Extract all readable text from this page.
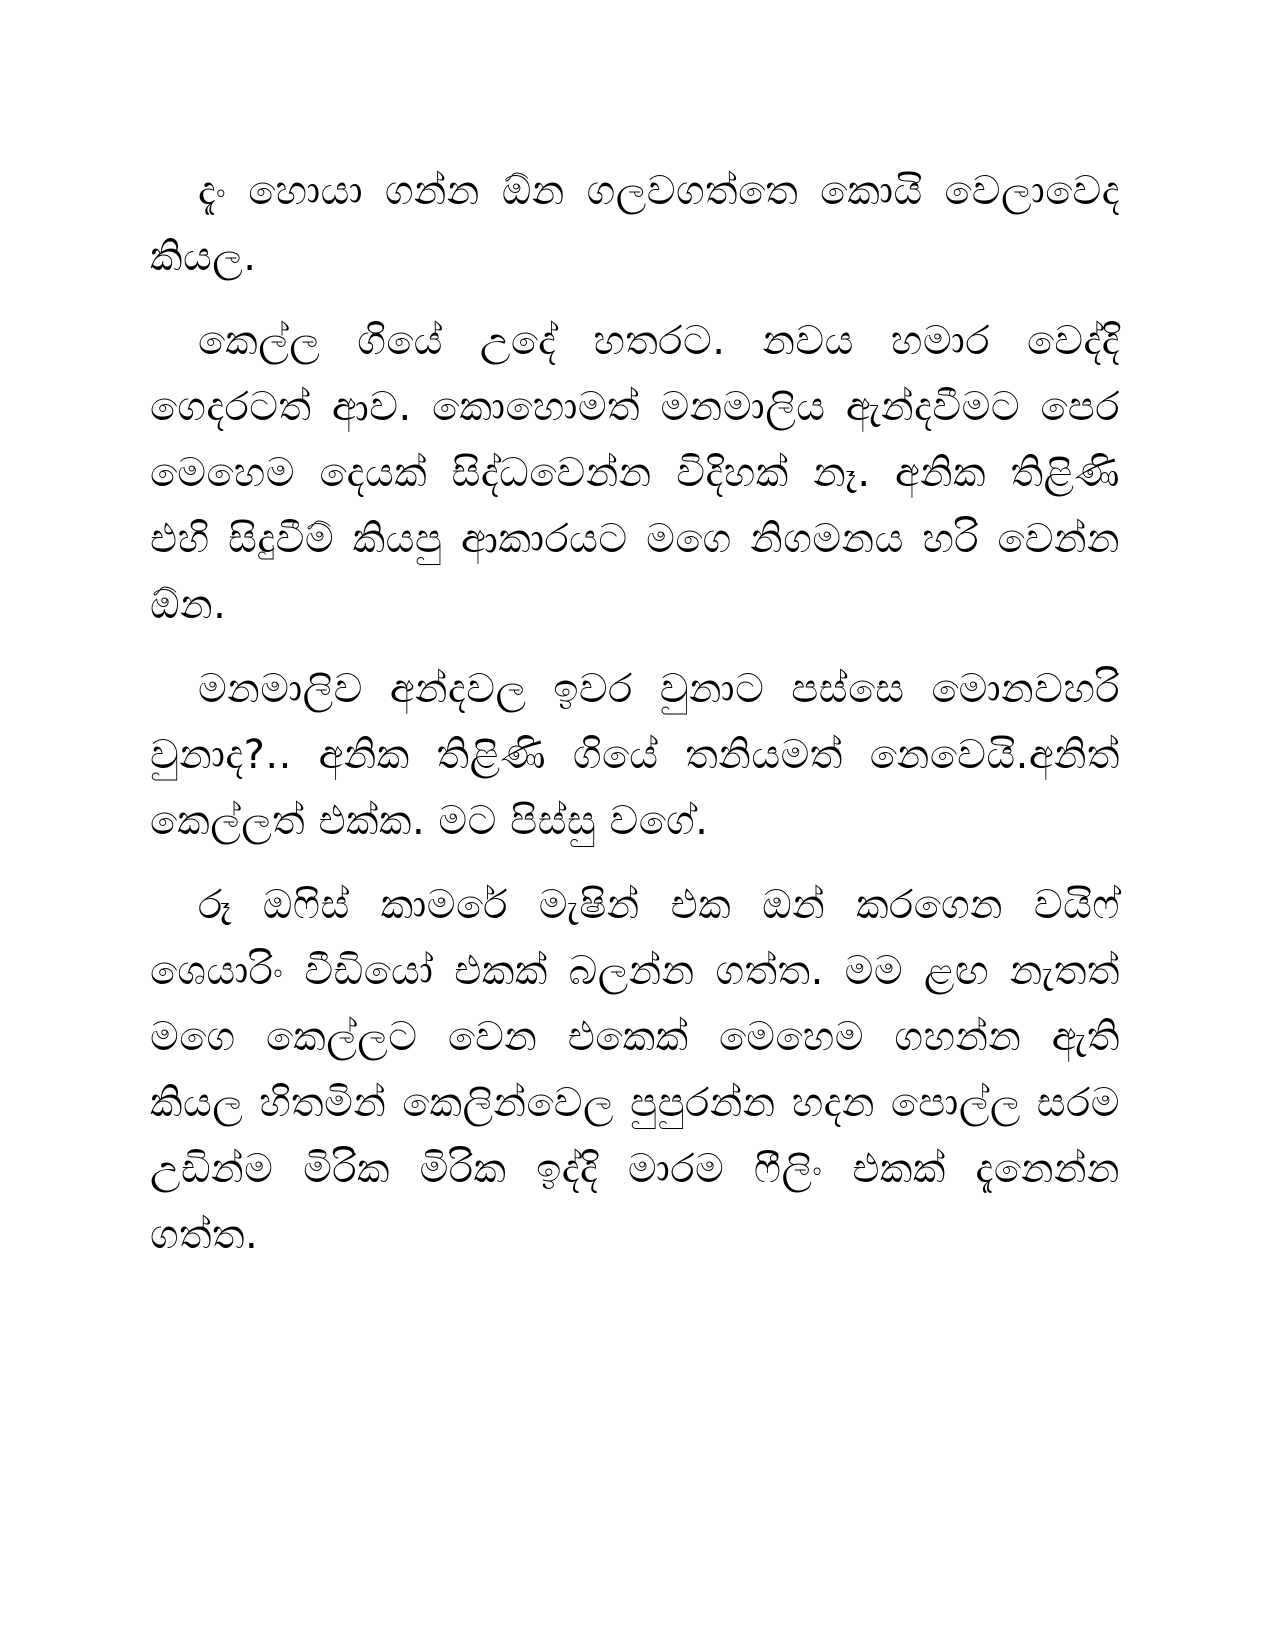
දැං හොයා ගන්න ඕන ගලවගත්තෙ කොයි වෙලාවෙද කියල.

කෙල්ල ගියේ උදේ හතරට. නවය හමාර වෙද්දි ගෙදරටත් ආව. කොහොමත් මනමාලිය ඇන්දවීමට පෙර මෙහෙම දෙයක් සිද්ධවෙන්න විදිහක් නෑ. අනික තිළිණි එහි සිදුවීම් කියපු ආකාරයට මගෙ නිගමනය හරි වෙන්න ඕන.

මනමාලිව අන්දවල ඉවර වුනාට පස්සෙ මොනවහරි වුනාද?.. අනික තිළිණි ගියේ තනියමත් නෙවෙයි.අනිත් කෙල්ලත් එක්ක. මට පිස්සු වගේ.

රූ ඔෆිස් කාමරේ මැෂින් එක ඔන් කරගෙන වයිෆ් ශෙයාරිං වීඩියෝ එකක් බලන්න ගත්ත. මම ළඟ නැතත් මගෙ කෙල්ලට වෙන එකෙක් මෙහෙම ගහන්න ඇති කියල හිතමින් කෙලින්වෙල පුපුරන්න හදන පොල්ල සරම උඩින්ම මිරික මිරික ඉද්දි මාරම ෆීලිං එකක් දැනෙන්න ගත්ත.
